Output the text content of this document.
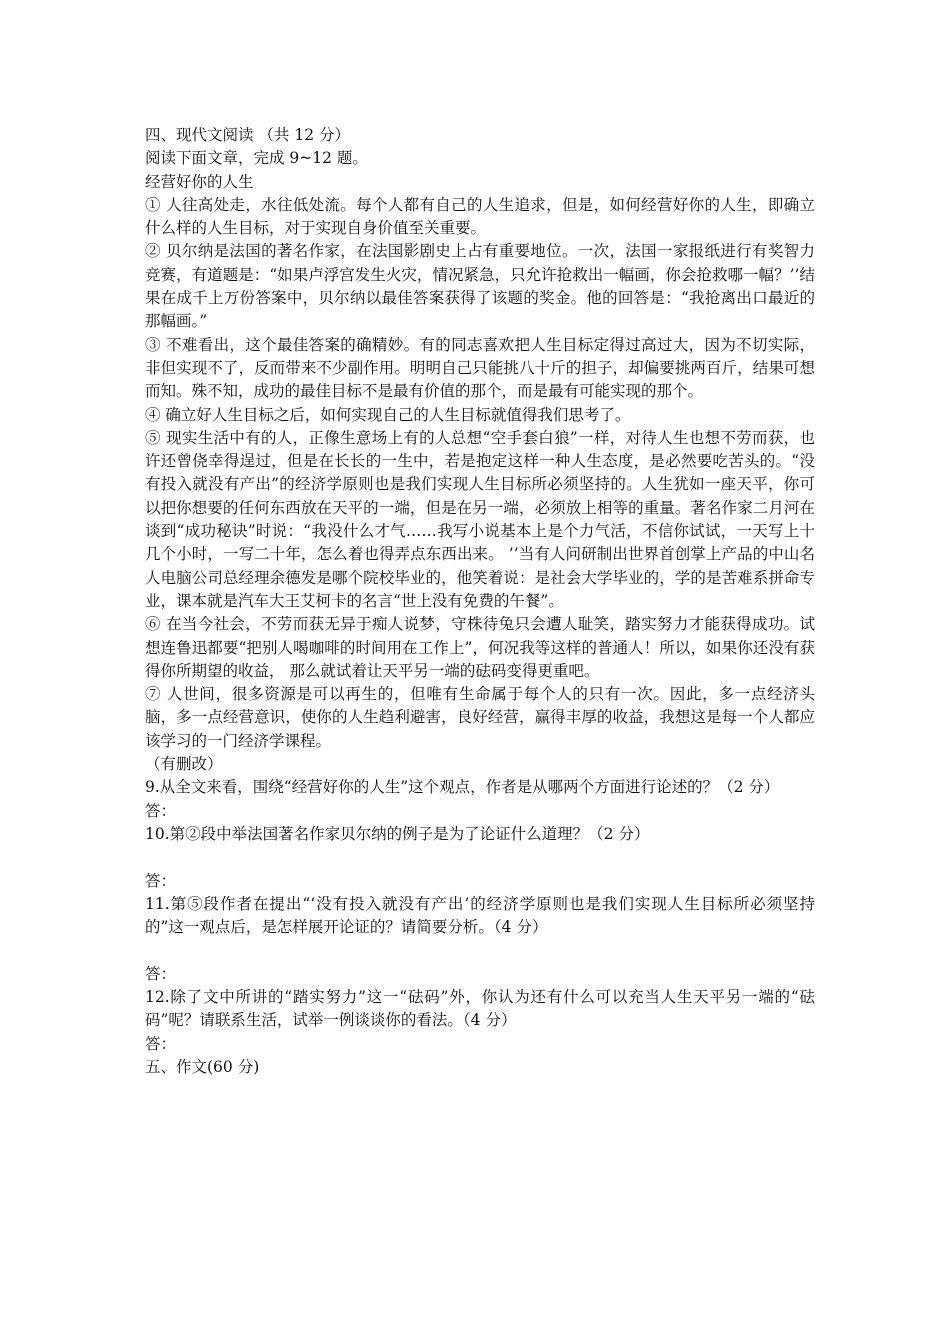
四、现代文阅读 （共 12 分）
阅读下面文章，完成 9~12 题。
经营好你的人生
① 人往高处走，水往低处流。每个人都有自己的人生追求，但是，如何经营好你的人生，即确立什么样的人生目标，对于实现自身价值至关重要。
② 贝尔纳是法国的著名作家，在法国影剧史上占有重要地位。一次，法国一家报纸进行有奖智力竞赛，有道题是：“如果卢浮宫发生火灾，情况紧急，只允许抢救出一幅画，你会抢救哪一幅？’’结果在成千上万份答案中，贝尔纳以最佳答案获得了该题的奖金。他的回答是：“我抢离出口最近的那幅画。”
③ 不难看出，这个最佳答案的确精妙。有的同志喜欢把人生目标定得过高过大，因为不切实际，非但实现不了，反而带来不少副作用。明明自己只能挑八十斤的担子，却偏要挑两百斤，结果可想而知。殊不知，成功的最佳目标不是最有价值的那个，而是最有可能实现的那个。
④ 确立好人生目标之后，如何实现自己的人生目标就值得我们思考了。
⑤ 现实生活中有的人，正像生意场上有的人总想“空手套白狼”一样，对待人生也想不劳而获，也许还曾侥幸得逞过，但是在长长的一生中，若是抱定这样一种人生态度，是必然要吃苦头的。“没有投入就没有产出”的经济学原则也是我们实现人生目标所必须坚持的。人生犹如一座天平，你可以把你想要的任何东西放在天平的一端，但是在另一端，必须放上相等的重量。著名作家二月河在谈到“成功秘诀”时说：“我没什么才气……我写小说基本上是个力气活，不信你试试，一天写上十几个小时，一写二十年，怎么着也得弄点东西出来。 ’’当有人问研制出世界首创掌上产品的中山名人电脑公司总经理余德发是哪个院校毕业的，他笑着说：是社会大学毕业的，学的是苦难系拼命专业，课本就是汽车大王艾柯卡的名言“世上没有免费的午餐”。
⑥ 在当今社会，不劳而获无异于痴人说梦，守株待兔只会遭人耻笑，踏实努力才能获得成功。试想连鲁迅都要“把别人喝咖啡的时间用在工作上”，何况我等这样的普通人！所以，如果你还没有获得你所期望的收益， 那么就试着让天平另一端的砝码变得更重吧。
⑦ 人世间，很多资源是可以再生的，但唯有生命属于每个人的只有一次。因此，多一点经济头脑，多一点经营意识，使你的人生趋利避害，良好经营，赢得丰厚的收益，我想这是每一个人都应该学习的一门经济学课程。
（有删改）
9.从全文来看，围绕“经营好你的人生”这个观点，作者是从哪两个方面进行论述的？（2 分）
答：
10.第②段中举法国著名作家贝尔纳的例子是为了论证什么道理？（2 分）
答：
11.第⑤段作者在提出“‘没有投入就没有产出’的经济学原则也是我们实现人生目标所必须坚持的”这一观点后，是怎样展开论证的？请简要分析。（4 分）
答：
12.除了文中所讲的“踏实努力”这一“砝码”外，你认为还有什么可以充当人生天平另一端的“砝码”呢？请联系生活，试举一例谈谈你的看法。（4 分）
答：
五、作文(60 分)
